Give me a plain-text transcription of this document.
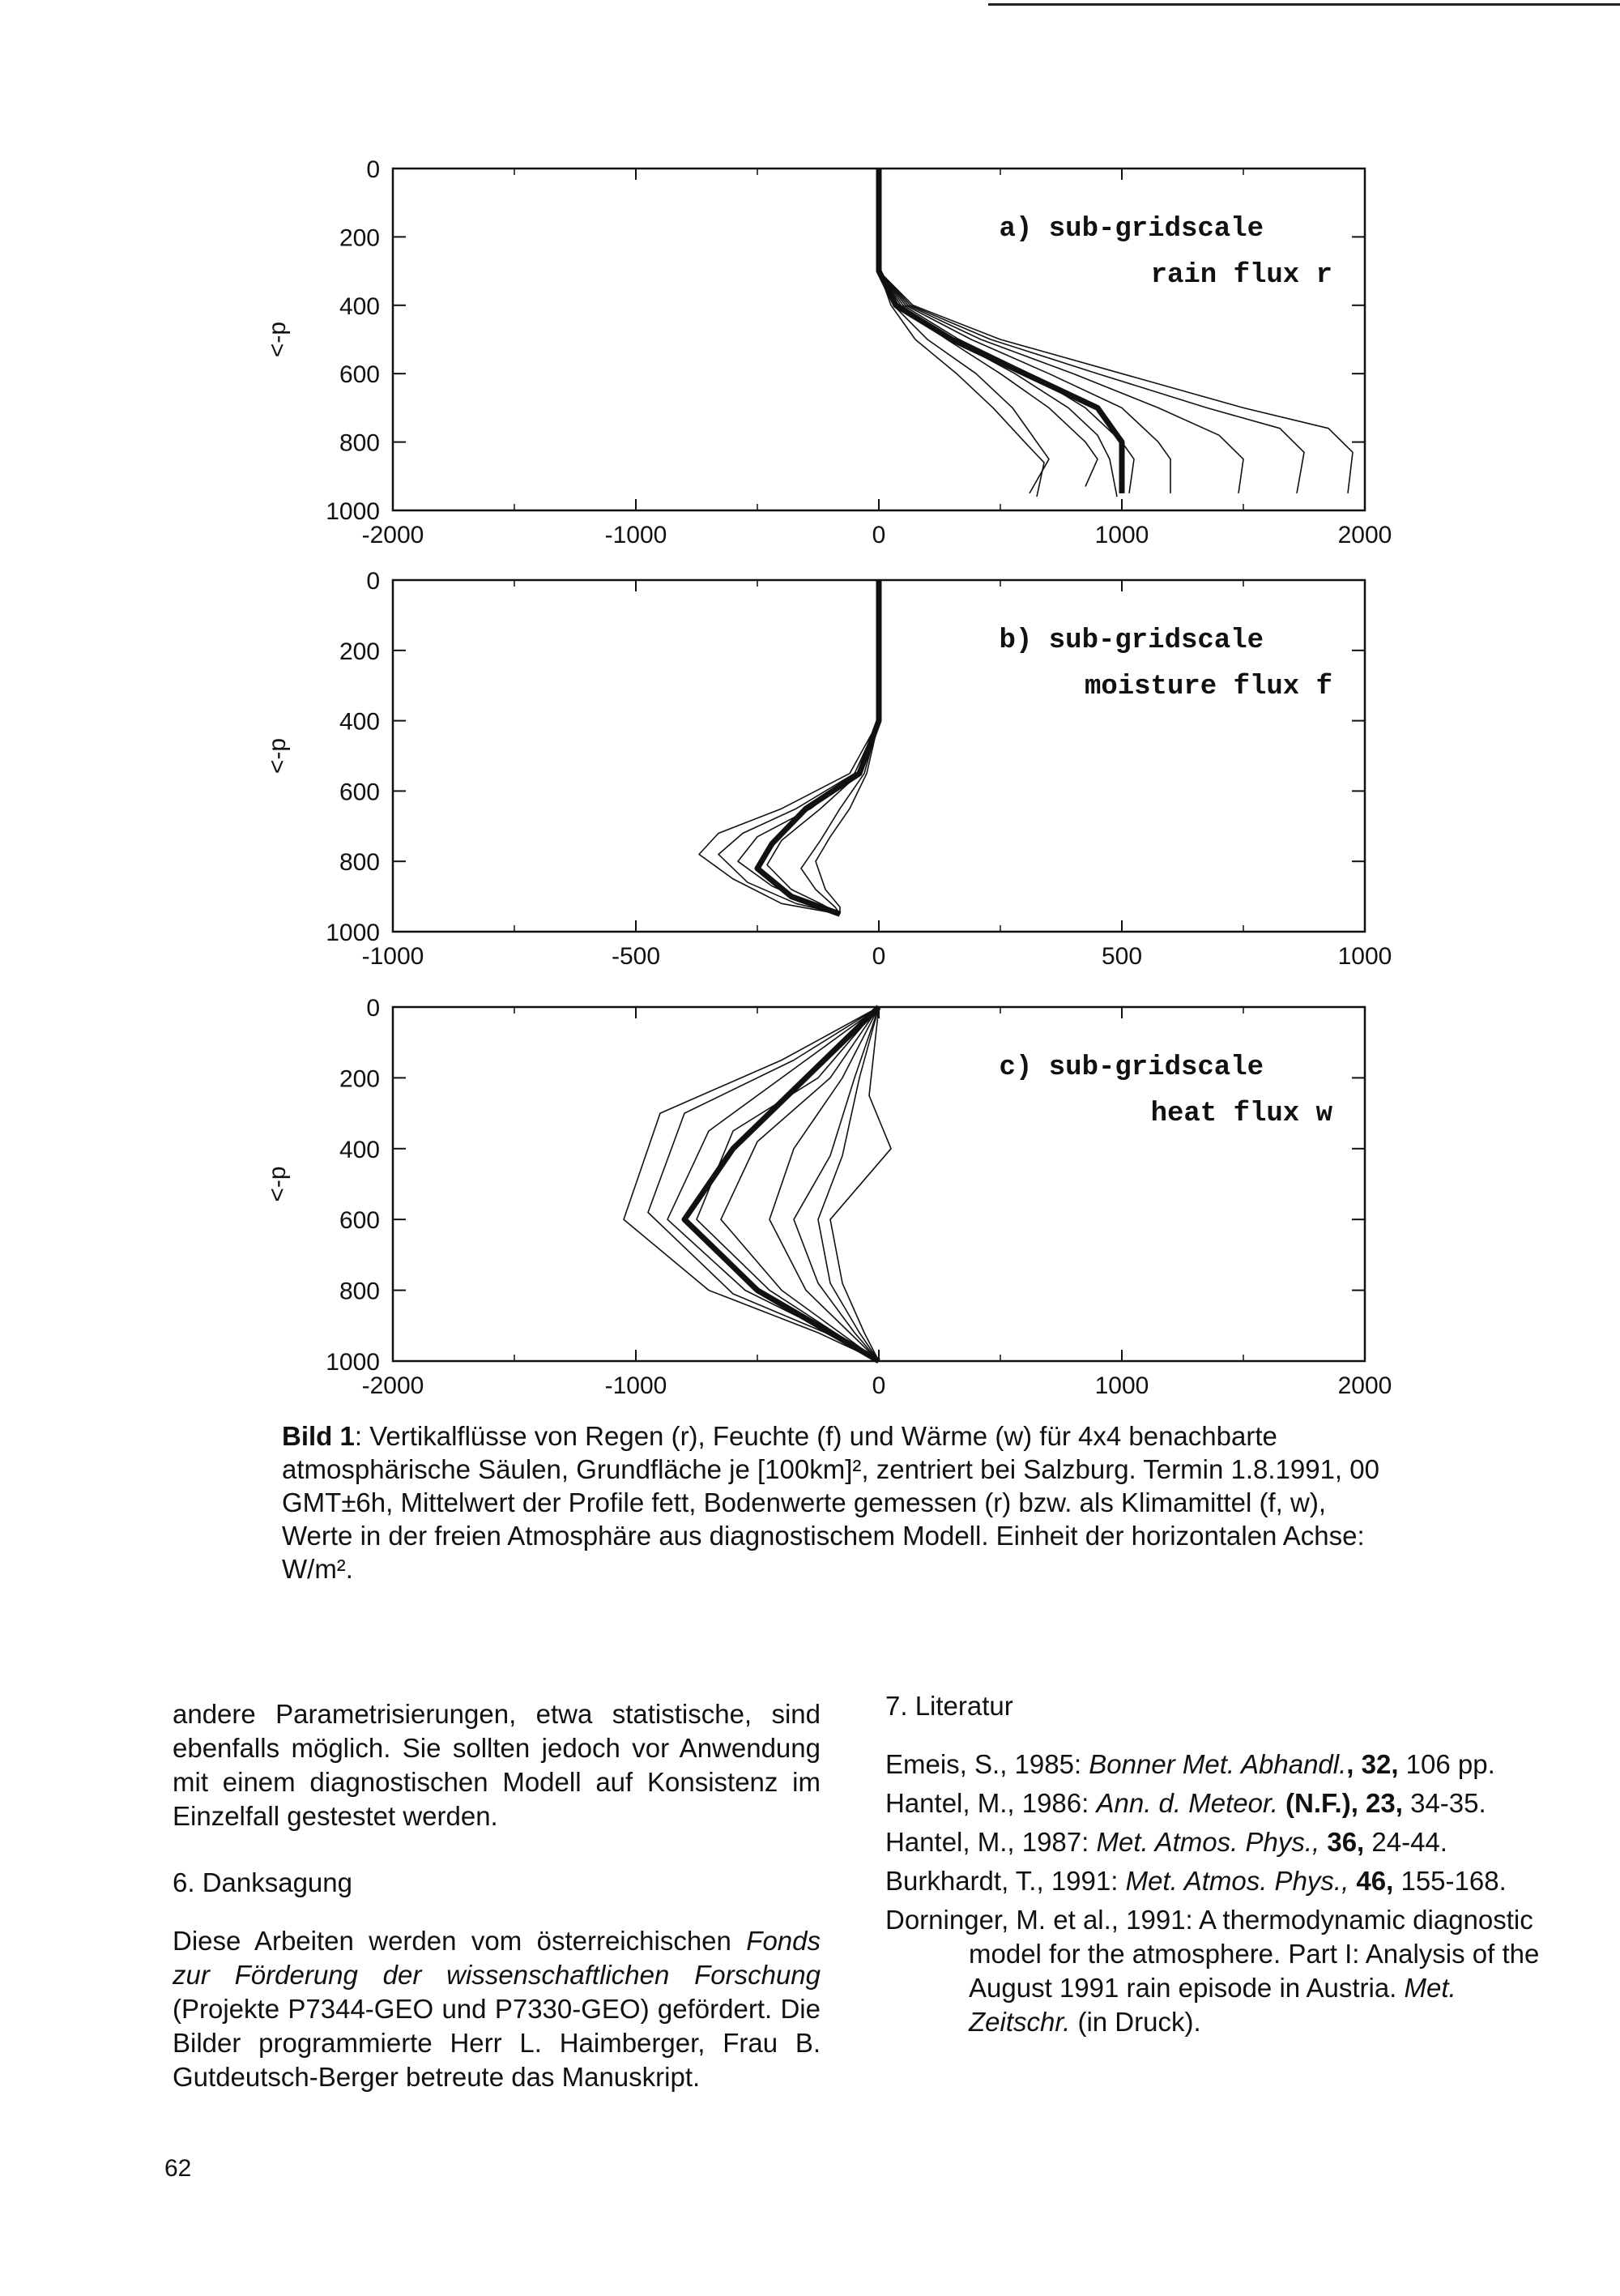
0
200
400
600
800
1000
-2000	-1000	0	1000	2000
<-p
a) sub-gridscale
rain flux r
0
200
400
600
800
1000
-1000	-500	0	500	1000
<-p
b) sub-gridscale
moisture flux f
0
200
400
600
800
1000
-2000	-1000	0	1000	2000
<-p
c) sub-gridscale
heat flux w
Bild 1: Vertikalflüsse von Regen (r), Feuchte (f) und Wärme (w) für 4x4 benachbarte atmosphärische Säulen, Grundfläche je [100km]², zentriert bei Salzburg. Termin 1.8.1991, 00 GMT±6h, Mittelwert der Profile fett, Bodenwerte gemessen (r) bzw. als Klimamittel (f, w), Werte in der freien Atmosphäre aus diagnostischem Modell. Einheit der horizontalen Achse: W/m².

andere Parametrisierungen, etwa statistische, sind ebenfalls möglich. Sie sollten jedoch vor Anwendung mit einem diagnostischen Modell auf Konsistenz im Einzelfall gestestet werden.

6. Danksagung

Diese Arbeiten werden vom österreichischen Fonds zur Förderung der wissenschaftlichen Forschung (Projekte P7344-GEO und P7330-GEO) gefördert. Die Bilder programmierte Herr L. Haimberger, Frau B. Gutdeutsch-Berger betreute das Manuskript.

7. Literatur

Emeis, S., 1985: Bonner Met. Abhandl., 32, 106 pp.

Hantel, M., 1986: Ann. d. Meteor. (N.F.), 23, 34-35.

Hantel, M., 1987: Met. Atmos. Phys., 36, 24-44.

Burkhardt, T., 1991: Met. Atmos. Phys., 46, 155-168.

Dorninger, M. et al., 1991: A thermodynamic diagnostic model for the atmosphere. Part I: Analysis of the August 1991 rain episode in Austria. Met. Zeitschr. (in Druck).

62
